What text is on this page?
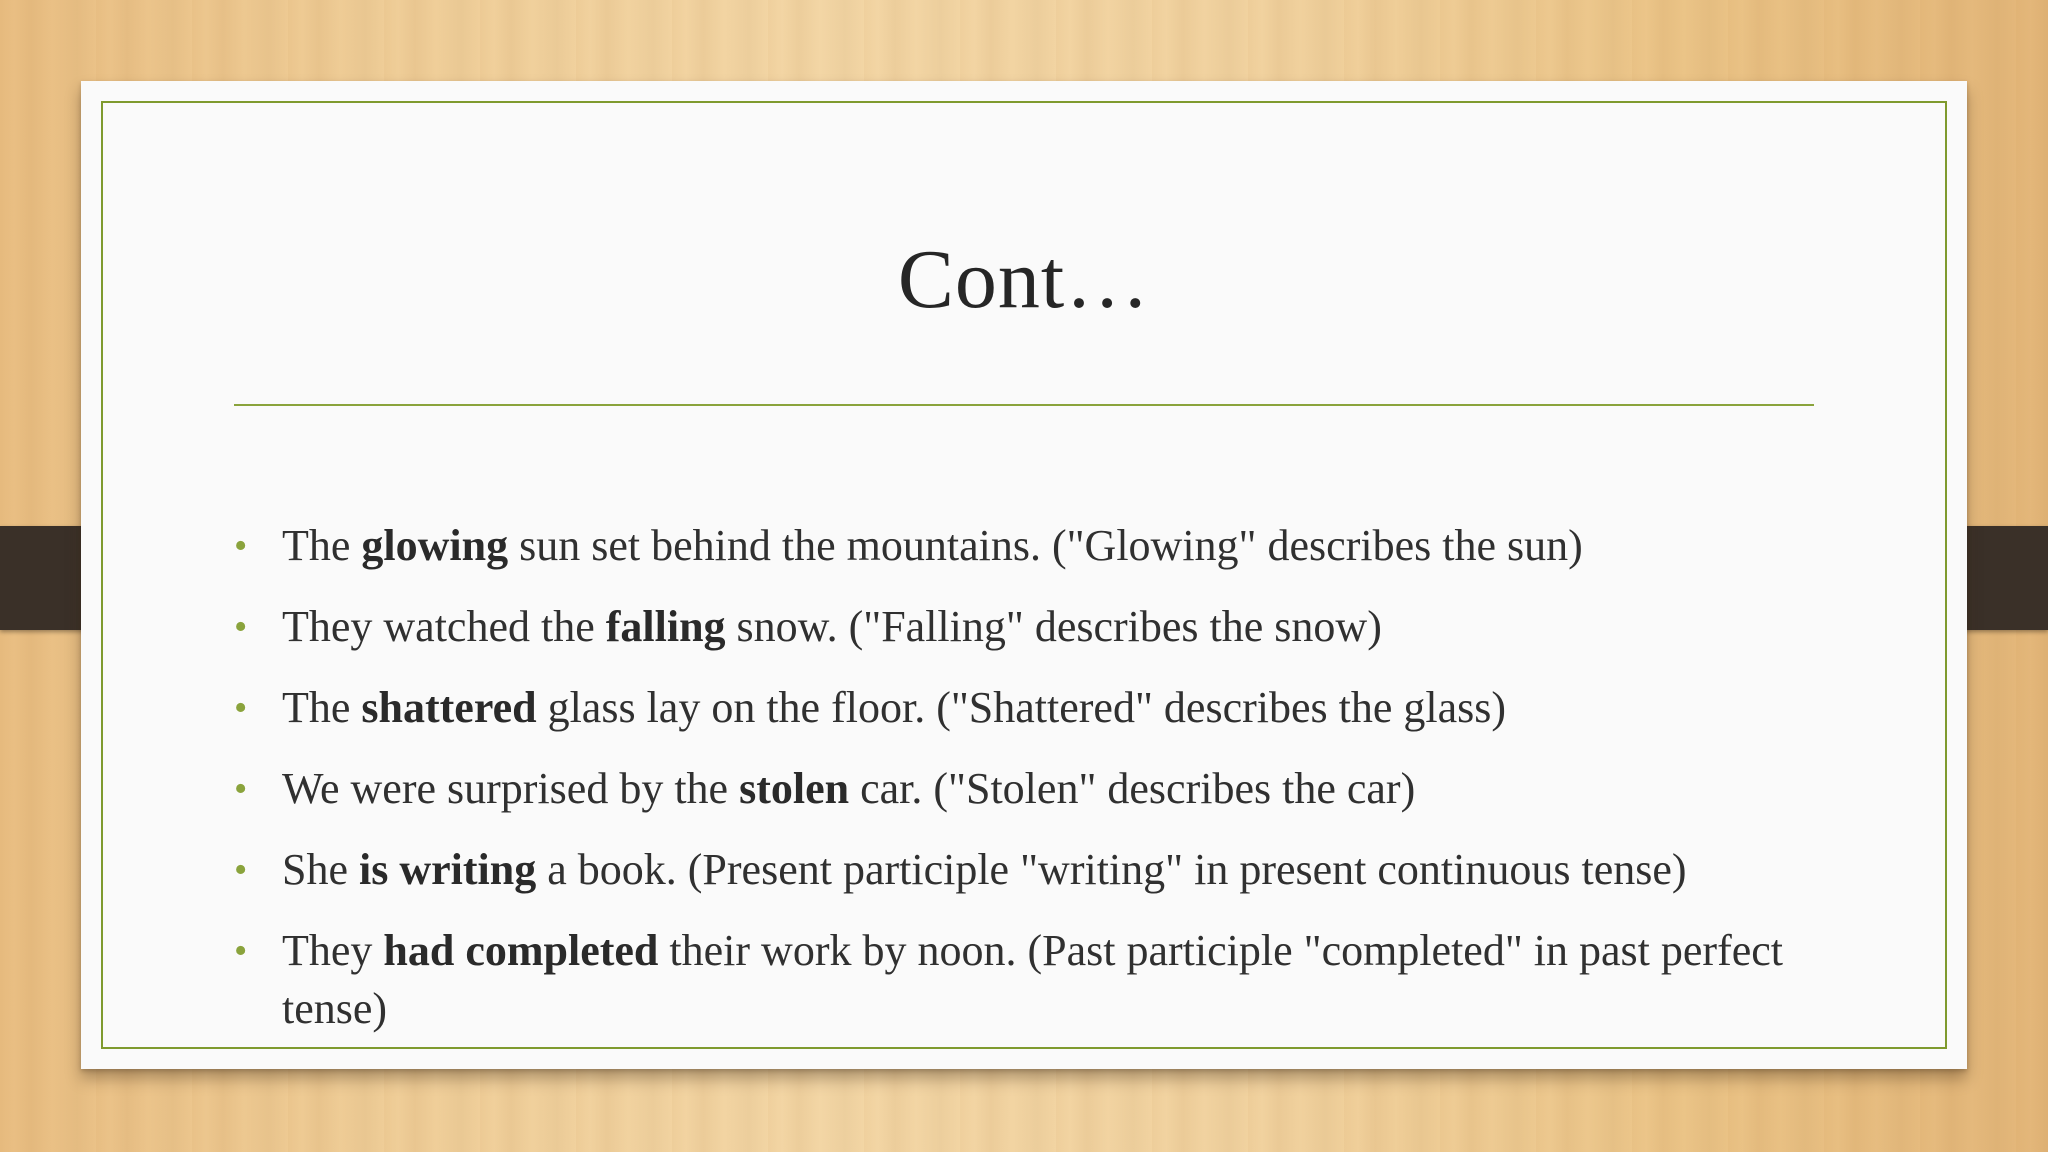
Cont…
• The glowing sun set behind the mountains. ("Glowing" describes the sun)
• They watched the falling snow. ("Falling" describes the snow)
• The shattered glass lay on the floor. ("Shattered" describes the glass)
• We were surprised by the stolen car. ("Stolen" describes the car)
• She is writing a book. (Present participle "writing" in present continuous tense)
• They had completed their work by noon. (Past participle "completed" in past perfect tense)
